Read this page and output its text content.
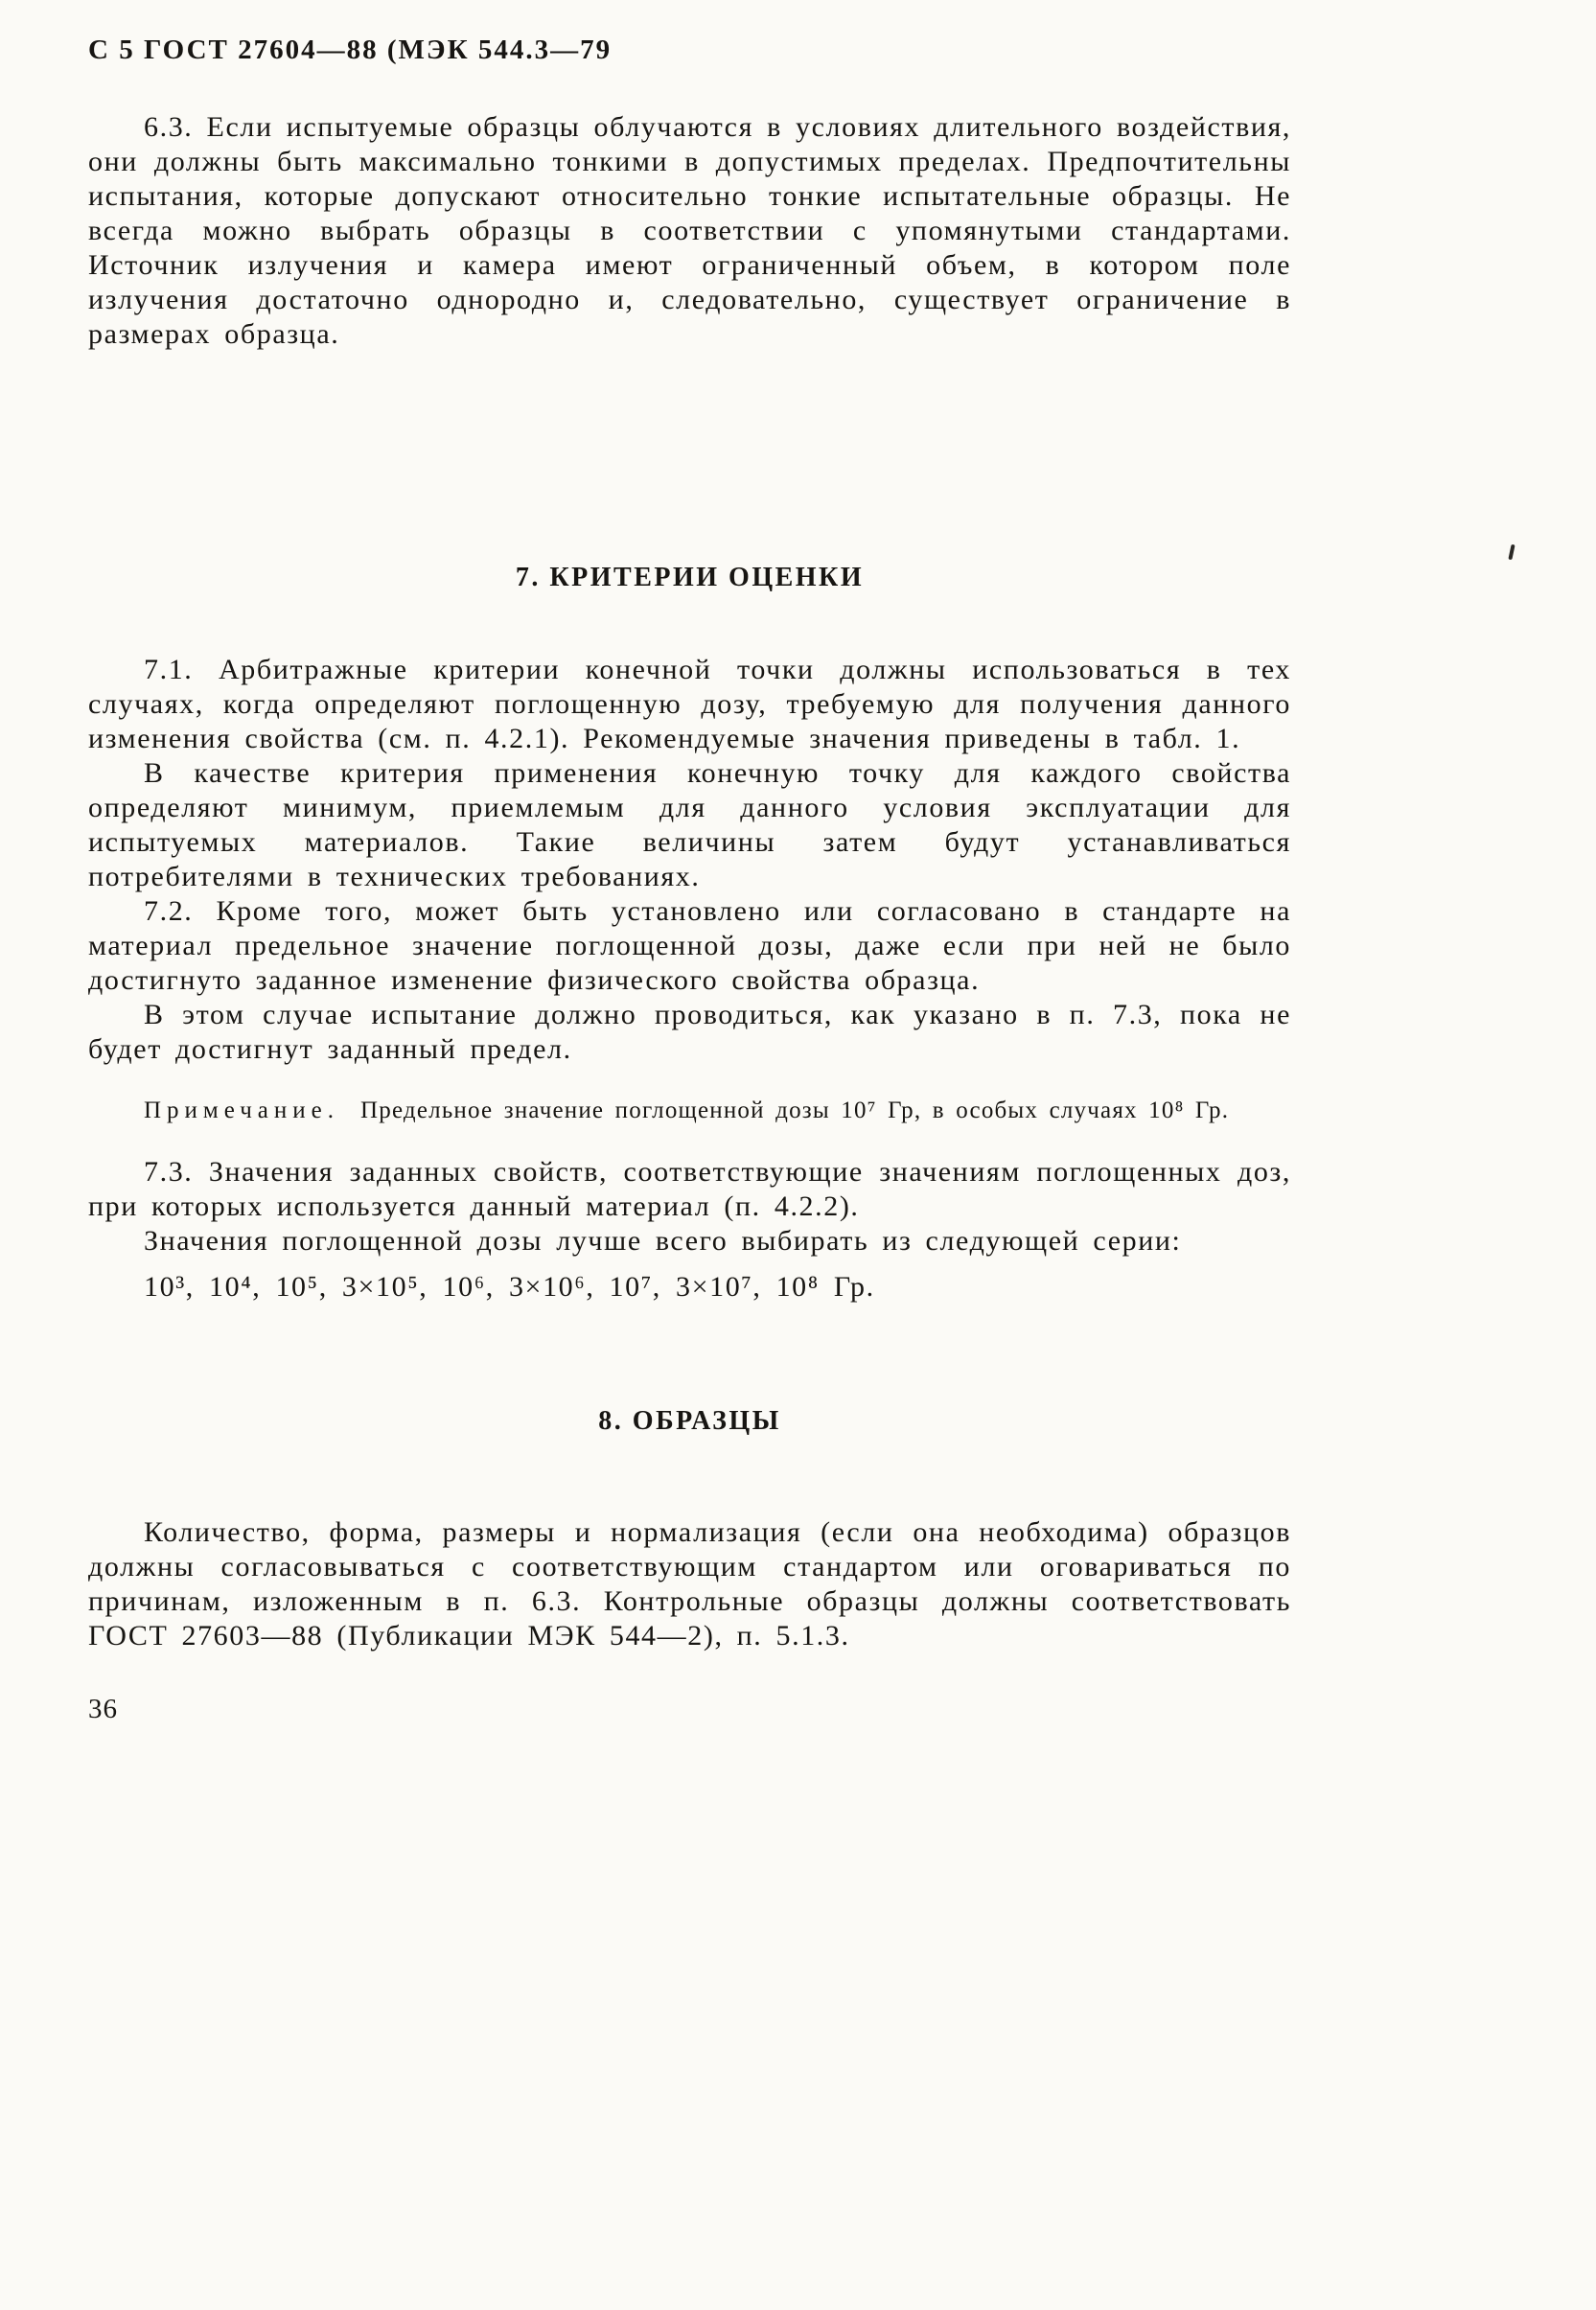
С 5 ГОСТ 27604—88 (МЭК 544.3—79

6.3. Если испытуемые образцы облучаются в условиях длительного воздействия, они должны быть максимально тонкими в допустимых пределах. Предпочтительны испытания, которые допускают относительно тонкие испытательные образцы. Не всегда можно выбрать образцы в соответствии с упомянутыми стандартами. Источник излучения и камера имеют ограниченный объем, в котором поле излучения достаточно однородно и, следовательно, существует ограничение в размерах образца.

7. КРИТЕРИИ ОЦЕНКИ

7.1. Арбитражные критерии конечной точки должны использоваться в тех случаях, когда определяют поглощенную дозу, требуемую для получения данного изменения свойства (см. п. 4.2.1). Рекомендуемые значения приведены в табл. 1.

В качестве критерия применения конечную точку для каждого свойства определяют минимум, приемлемым для данного условия эксплуатации для испытуемых материалов. Такие величины затем будут устанавливаться потребителями в технических требованиях.

7.2. Кроме того, может быть установлено или согласовано в стандарте на материал предельное значение поглощенной дозы, даже если при ней не было достигнуто заданное изменение физического свойства образца.

В этом случае испытание должно проводиться, как указано в п. 7.3, пока не будет достигнут заданный предел.

Примечание. Предельное значение поглощенной дозы 10⁷ Гр, в особых случаях 10⁸ Гр.

7.3. Значения заданных свойств, соответствующие значениям поглощенных доз, при которых используется данный материал (п. 4.2.2).

Значения поглощенной дозы лучше всего выбирать из следующей серии:

10³, 10⁴, 10⁵, 3×10⁵, 10⁶, 3×10⁶, 10⁷, 3×10⁷, 10⁸ Гр.

8. ОБРАЗЦЫ

Количество, форма, размеры и нормализация (если она необходима) образцов должны согласовываться с соответствующим стандартом или оговариваться по причинам, изложенным в п. 6.3. Контрольные образцы должны соответствовать ГОСТ 27603—88 (Публикации МЭК 544—2), п. 5.1.3.

36
